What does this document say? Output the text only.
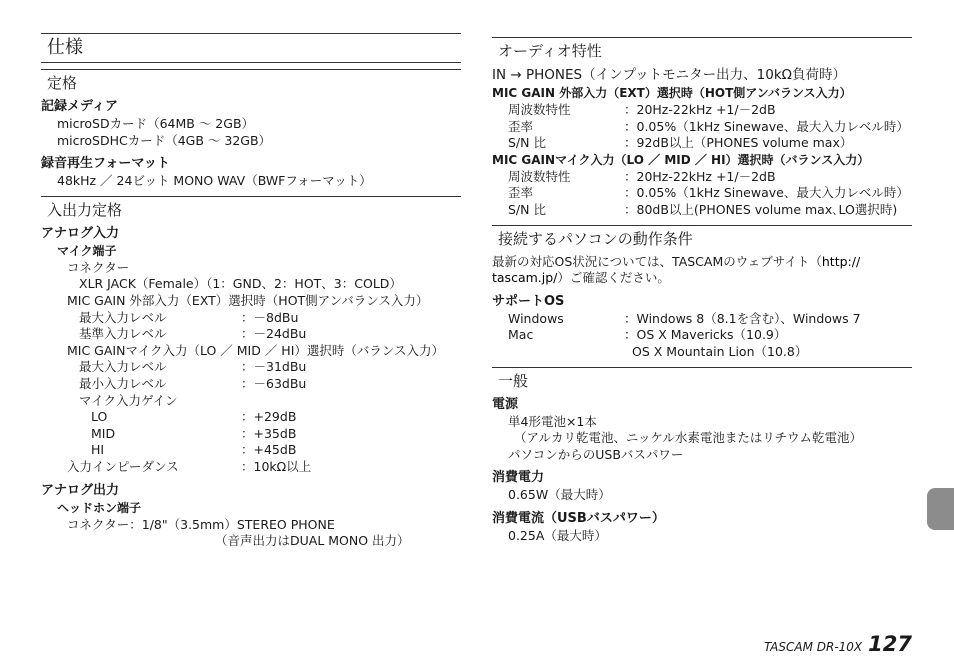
仕様
定格
記録メディア
microSDカード（64MB ～ 2GB）
microSDHCカード（4GB ～ 32GB）
録音再生フォーマット
48kHz ／ 24ビット MONO WAV（BWFフォーマット）
入出力定格
アナログ入力
マイク端子
コネクター
XLR JACK（Female）（1：GND、2：HOT、3：COLD）
MIC GAIN 外部入力（EXT）選択時（HOT側アンバランス入力）
最大入力レベル	：－8dBu
基準入力レベル	：－24dBu
MIC GAINマイク入力（LO ／ MID ／ HI）選択時（バランス入力）
最大入力レベル	：－31dBu
最小入力レベル	：－63dBu
マイク入力ゲイン
LO	：+29dB
MID	：+35dB
HI	：+45dB
入力インピーダンス	：10kΩ以上
アナログ出力
ヘッドホン端子
コネクター：1/8"（3.5mm）STEREO PHONE
（音声出力はDUAL MONO 出力）
オーディオ特性
IN → PHONES（インプットモニター出力、10kΩ負荷時）
MIC GAIN 外部入力（EXT）選択時（HOT側アンバランス入力）
周波数特性	：20Hz-22kHz +1/－2dB
歪率	：0.05%（1kHz Sinewave、最大入力レベル時）
S/N 比	：92dB以上（PHONES volume max）
MIC GAINマイク入力（LO ／ MID ／ HI）選択時（バランス入力）
周波数特性	：20Hz-22kHz +1/－2dB
歪率	：0.05%（1kHz Sinewave、最大入力レベル時）
S/N 比	：80dB以上(PHONES volume max､LO選択時)
接続するパソコンの動作条件
最新の対応OS状況については、TASCAMのウェブサイト（http://
tascam.jp/）ご確認ください。
サポートOS
Windows	：Windows 8（8.1を含む）、Windows 7
Mac	：OS X Mavericks（10.9）
OS X Mountain Lion（10.8）
一般
電源
単4形電池×1本
（アルカリ乾電池、ニッケル水素電池またはリチウム乾電池）
パソコンからのUSBバスパワー
消費電力
0.65W（最大時）
消費電流（USBバスパワー）
0.25A（最大時）
TASCAM DR-10X 127
